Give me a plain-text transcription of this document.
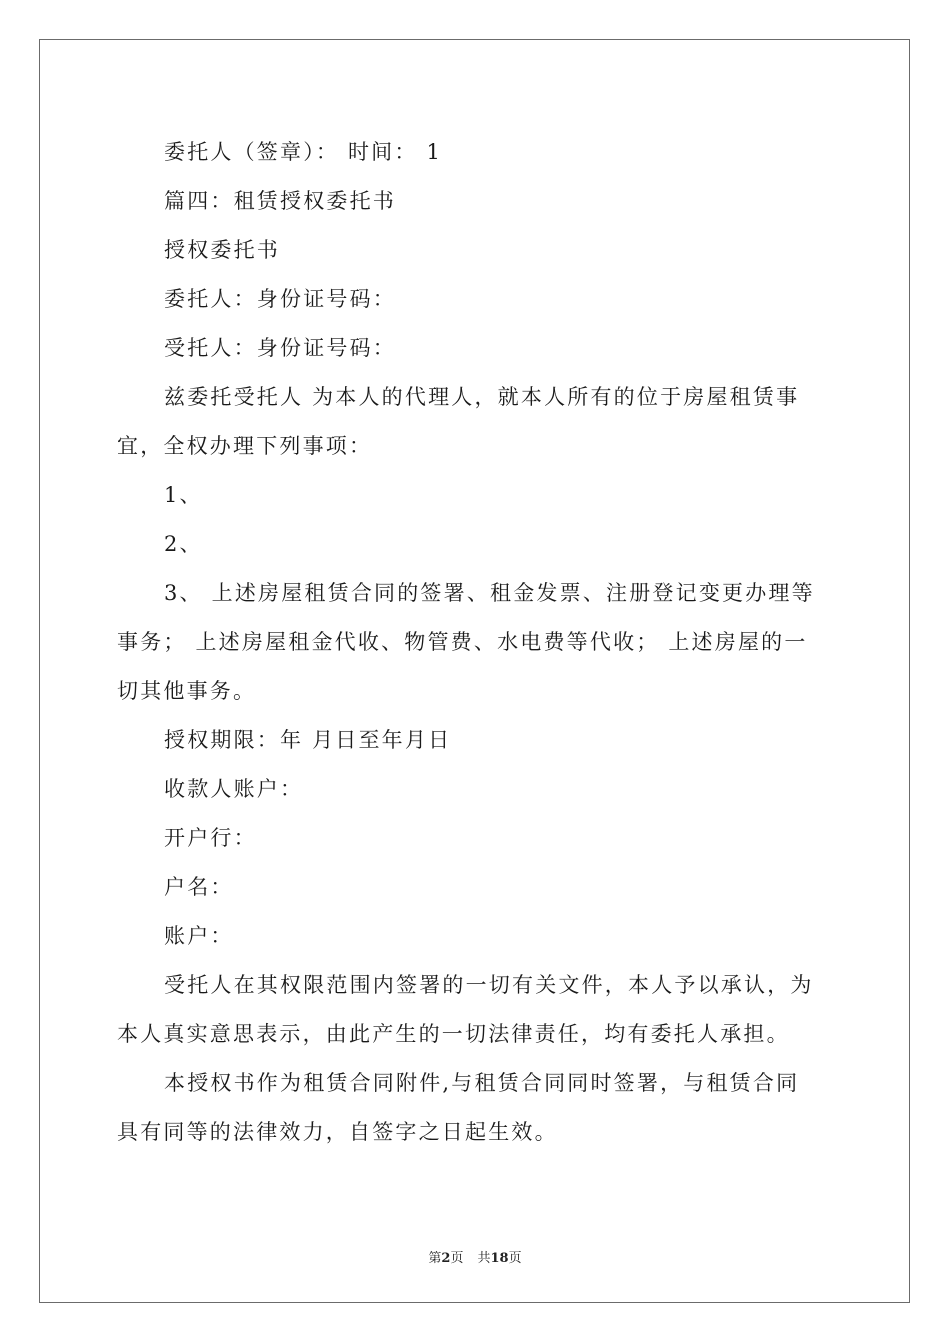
委托人（签章）： 时间： 1
篇四：租赁授权委托书
授权委托书
委托人：身份证号码：
受托人：身份证号码：
兹委托受托人 为本人的代理人，就本人所有的位于房屋租赁事
宜，全权办理下列事项：
1、
2、
3、 上述房屋租赁合同的签署、租金发票、注册登记变更办理等
事务； 上述房屋租金代收、物管费、水电费等代收； 上述房屋的一
切其他事务。
授权期限：年 月日至年月日
收款人账户：
开户行：
户名：
账户：
受托人在其权限范围内签署的一切有关文件，本人予以承认，为
本人真实意思表示，由此产生的一切法律责任，均有委托人承担。
本授权书作为租赁合同附件,与租赁合同同时签署，与租赁合同
具有同等的法律效力，自签字之日起生效。
第2页 共18页
